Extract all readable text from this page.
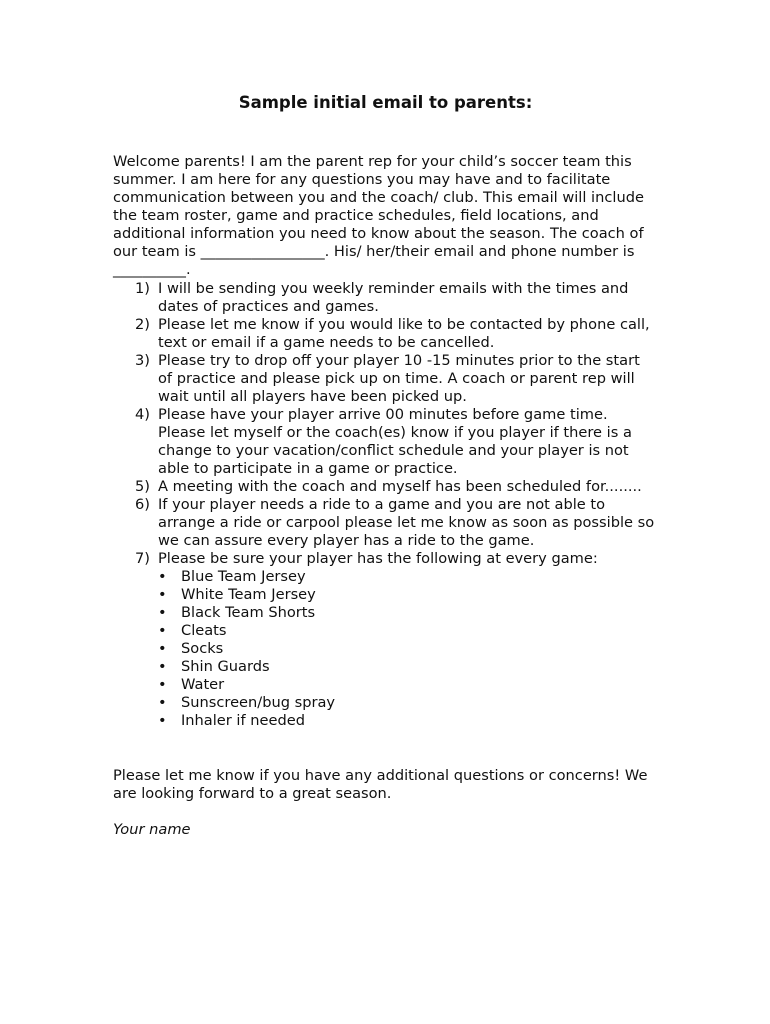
Sample initial email to parents:

Welcome parents! I am the parent rep for your child’s soccer team this summer. I am here for any questions you may have and to facilitate communication between you and the coach/ club. This email will include the team roster, game and practice schedules, field locations, and additional information you need to know about the season. The coach of our team is _________________. His/ her/their email and phone number is __________.

1) I will be sending you weekly reminder emails with the times and dates of practices and games.
2) Please let me know if you would like to be contacted by phone call, text or email if a game needs to be cancelled.
3) Please try to drop off your player 10 -15 minutes prior to the start of practice and please pick up on time. A coach or parent rep will wait until all players have been picked up.
4) Please have your player arrive 00 minutes before game time. Please let myself or the coach(es) know if you player if there is a change to your vacation/conflict schedule and your player is not able to participate in a game or practice.
5) A meeting with the coach and myself has been scheduled for........
6) If your player needs a ride to a game and you are not able to arrange a ride or carpool please let me know as soon as possible so we can assure every player has a ride to the game.
7) Please be sure your player has the following at every game:
• Blue Team Jersey
• White Team Jersey
• Black Team Shorts
• Cleats
• Socks
• Shin Guards
• Water
• Sunscreen/bug spray
• Inhaler if needed

Please let me know if you have any additional questions or concerns! We are looking forward to a great season.

Your name
